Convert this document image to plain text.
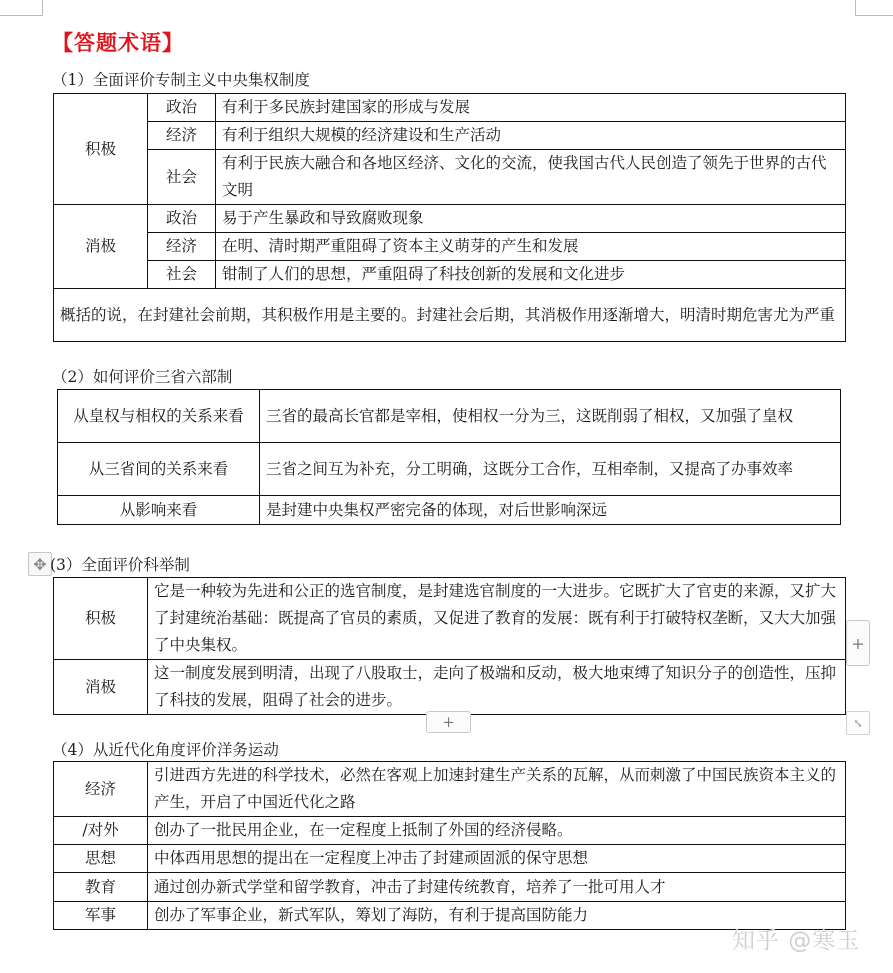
【答题术语】
（1）全面评价专制主义中央集权制度
积极	政治	有利于多民族封建国家的形成与发展
	经济	有利于组织大规模的经济建设和生产活动
	社会	有利于民族大融合和各地区经济、文化的交流，使我国古代人民创造了领先于世界的古代文明
消极	政治	易于产生暴政和导致腐败现象
	经济	在明、清时期严重阻碍了资本主义萌芽的产生和发展
	社会	钳制了人们的思想，严重阻碍了科技创新的发展和文化进步
概括的说，在封建社会前期，其积极作用是主要的。封建社会后期，其消极作用逐渐增大，明清时期危害尤为严重		
（2）如何评价三省六部制
从皇权与相权的关系来看	三省的最高长官都是宰相，使相权一分为三，这既削弱了相权，又加强了皇权
从三省间的关系来看	三省之间互为补充，分工明确，这既分工合作，互相牵制，又提高了办事效率
从影响来看	是封建中央集权严密完备的体现，对后世影响深远
✥ (3）全面评价科举制
积极	它是一种较为先进和公正的选官制度，是封建选官制度的一大进步。它既扩大了官吏的来源，又扩大了封建统治基础：既提高了官员的素质，又促进了教育的发展：既有利于打破特权垄断，又大大加强了中央集权。
消极	这一制度发展到明清，出现了八股取士，走向了极端和反动，极大地束缚了知识分子的创造性，压抑了科技的发展，阻碍了社会的进步。
+
+	⤡
（4）从近代化角度评价洋务运动
经济	引进西方先进的科学技术，必然在客观上加速封建生产关系的瓦解，从而刺激了中国民族资本主义的产生，开启了中国近代化之路
/对外	创办了一批民用企业，在一定程度上抵制了外国的经济侵略。
思想	中体西用思想的提出在一定程度上冲击了封建顽固派的保守思想
教育	通过创办新式学堂和留学教育，冲击了封建传统教育，培养了一批可用人才
军事	创办了军事企业，新式军队，筹划了海防，有利于提高国防能力
知乎 @寒玉
